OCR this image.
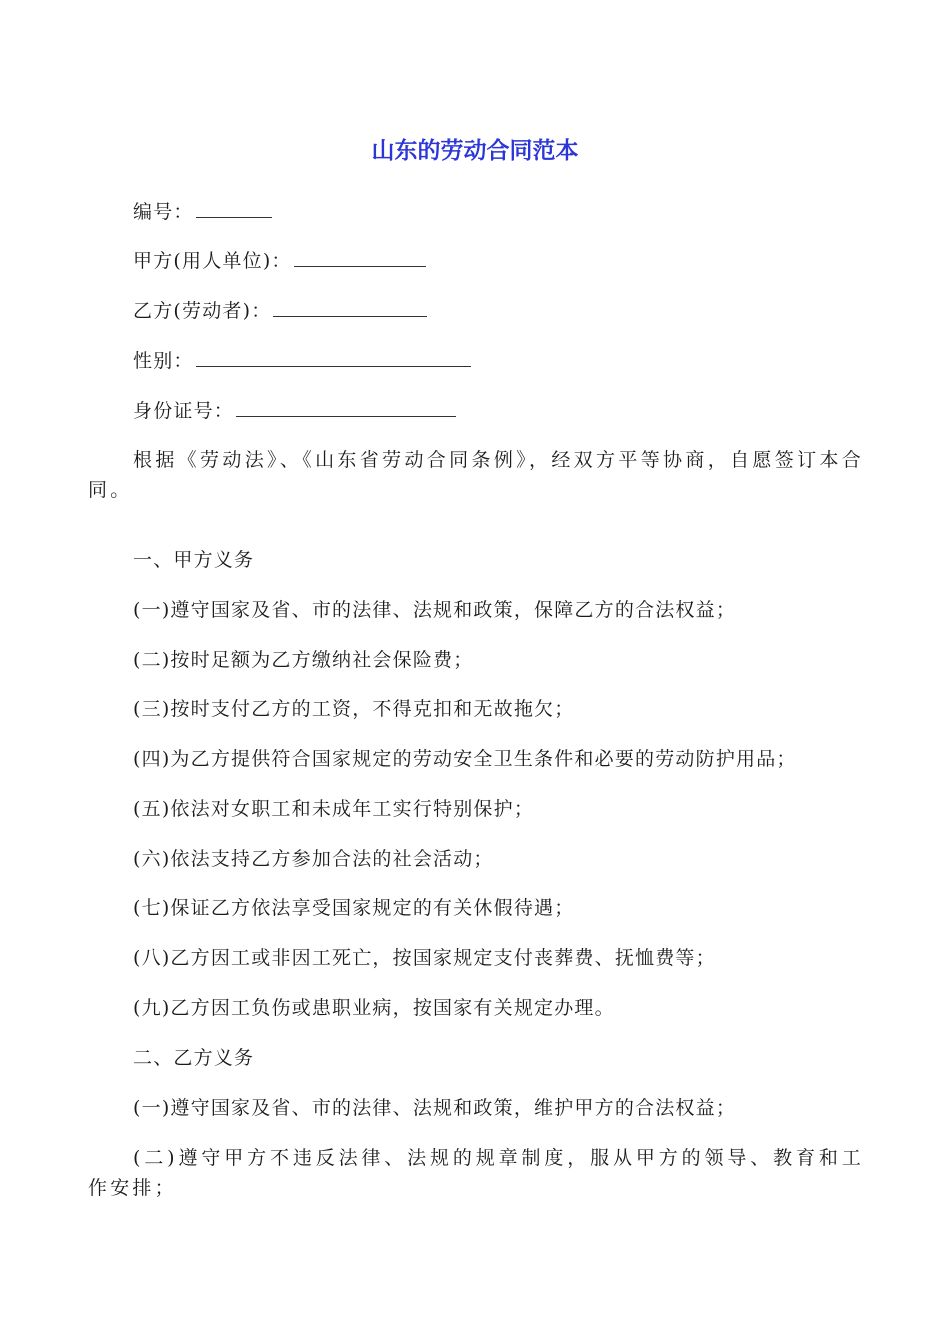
山东的劳动合同范本
编号：
甲方(用人单位)：
乙方(劳动者)：
性别：
身份证号：

根据《劳动法》、《山东省劳动合同条例》，经双方平等协商，自愿签订本合同。

一、甲方义务
(一)遵守国家及省、市的法律、法规和政策，保障乙方的合法权益；
(二)按时足额为乙方缴纳社会保险费；
(三)按时支付乙方的工资，不得克扣和无故拖欠；
(四)为乙方提供符合国家规定的劳动安全卫生条件和必要的劳动防护用品；
(五)依法对女职工和未成年工实行特别保护；
(六)依法支持乙方参加合法的社会活动；
(七)保证乙方依法享受国家规定的有关休假待遇；
(八)乙方因工或非因工死亡，按国家规定支付丧葬费、抚恤费等；
(九)乙方因工负伤或患职业病，按国家有关规定办理。
二、乙方义务
(一)遵守国家及省、市的法律、法规和政策，维护甲方的合法权益；

(二)遵守甲方不违反法律、法规的规章制度，服从甲方的领导、教育和工作安排；
